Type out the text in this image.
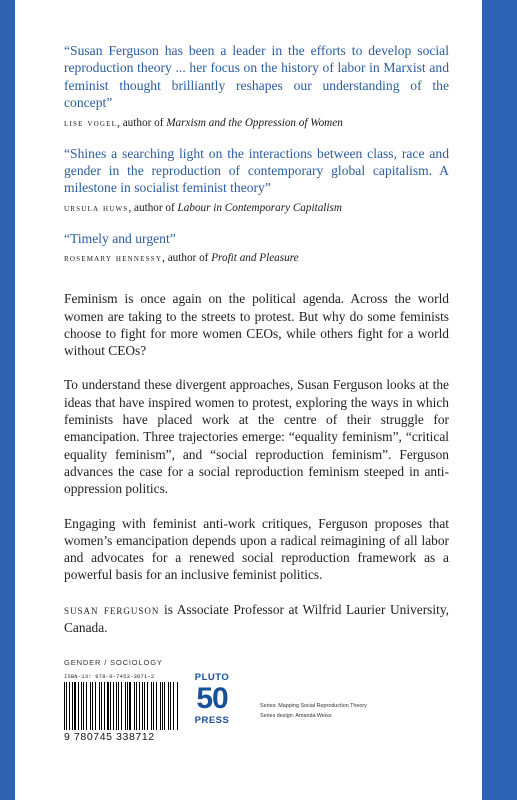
“Susan Ferguson has been a leader in the efforts to develop social reproduction theory ... her focus on the history of labor in Marxist and feminist thought brilliantly reshapes our understanding of the concept”

lise vogel, author of Marxism and the Oppression of Women

“Shines a searching light on the interactions between class, race and gender in the reproduction of contemporary global capitalism. A milestone in socialist feminist theory”

ursula huws, author of Labour in Contemporary Capitalism

“Timely and urgent”

rosemary hennessy, author of Profit and Pleasure

Feminism is once again on the political agenda. Across the world women are taking to the streets to protest. But why do some feminists choose to fight for more women CEOs, while others fight for a world without CEOs?

To understand these divergent approaches, Susan Ferguson looks at the ideas that have inspired women to protest, exploring the ways in which feminists have placed work at the centre of their struggle for emancipation. Three trajectories emerge: “equality feminism”, “critical equality feminism”, and “social reproduction feminism”. Ferguson advances the case for a social reproduction feminism steeped in anti-oppression politics.

Engaging with feminist anti-work critiques, Ferguson proposes that women’s emancipation depends upon a radical reimagining of all labor and advocates for a renewed social reproduction framework as a powerful basis for an inclusive feminist politics.

susan ferguson is Associate Professor at Wilfrid Laurier University, Canada.

GENDER / SOCIOLOGY
ISBN-13: 978-0-7453-3871-2
9 780745 338712
PLUTO
50
PRESS
Series: Mapping Social Reproduction Theory
Series design: Amanda Weiss
